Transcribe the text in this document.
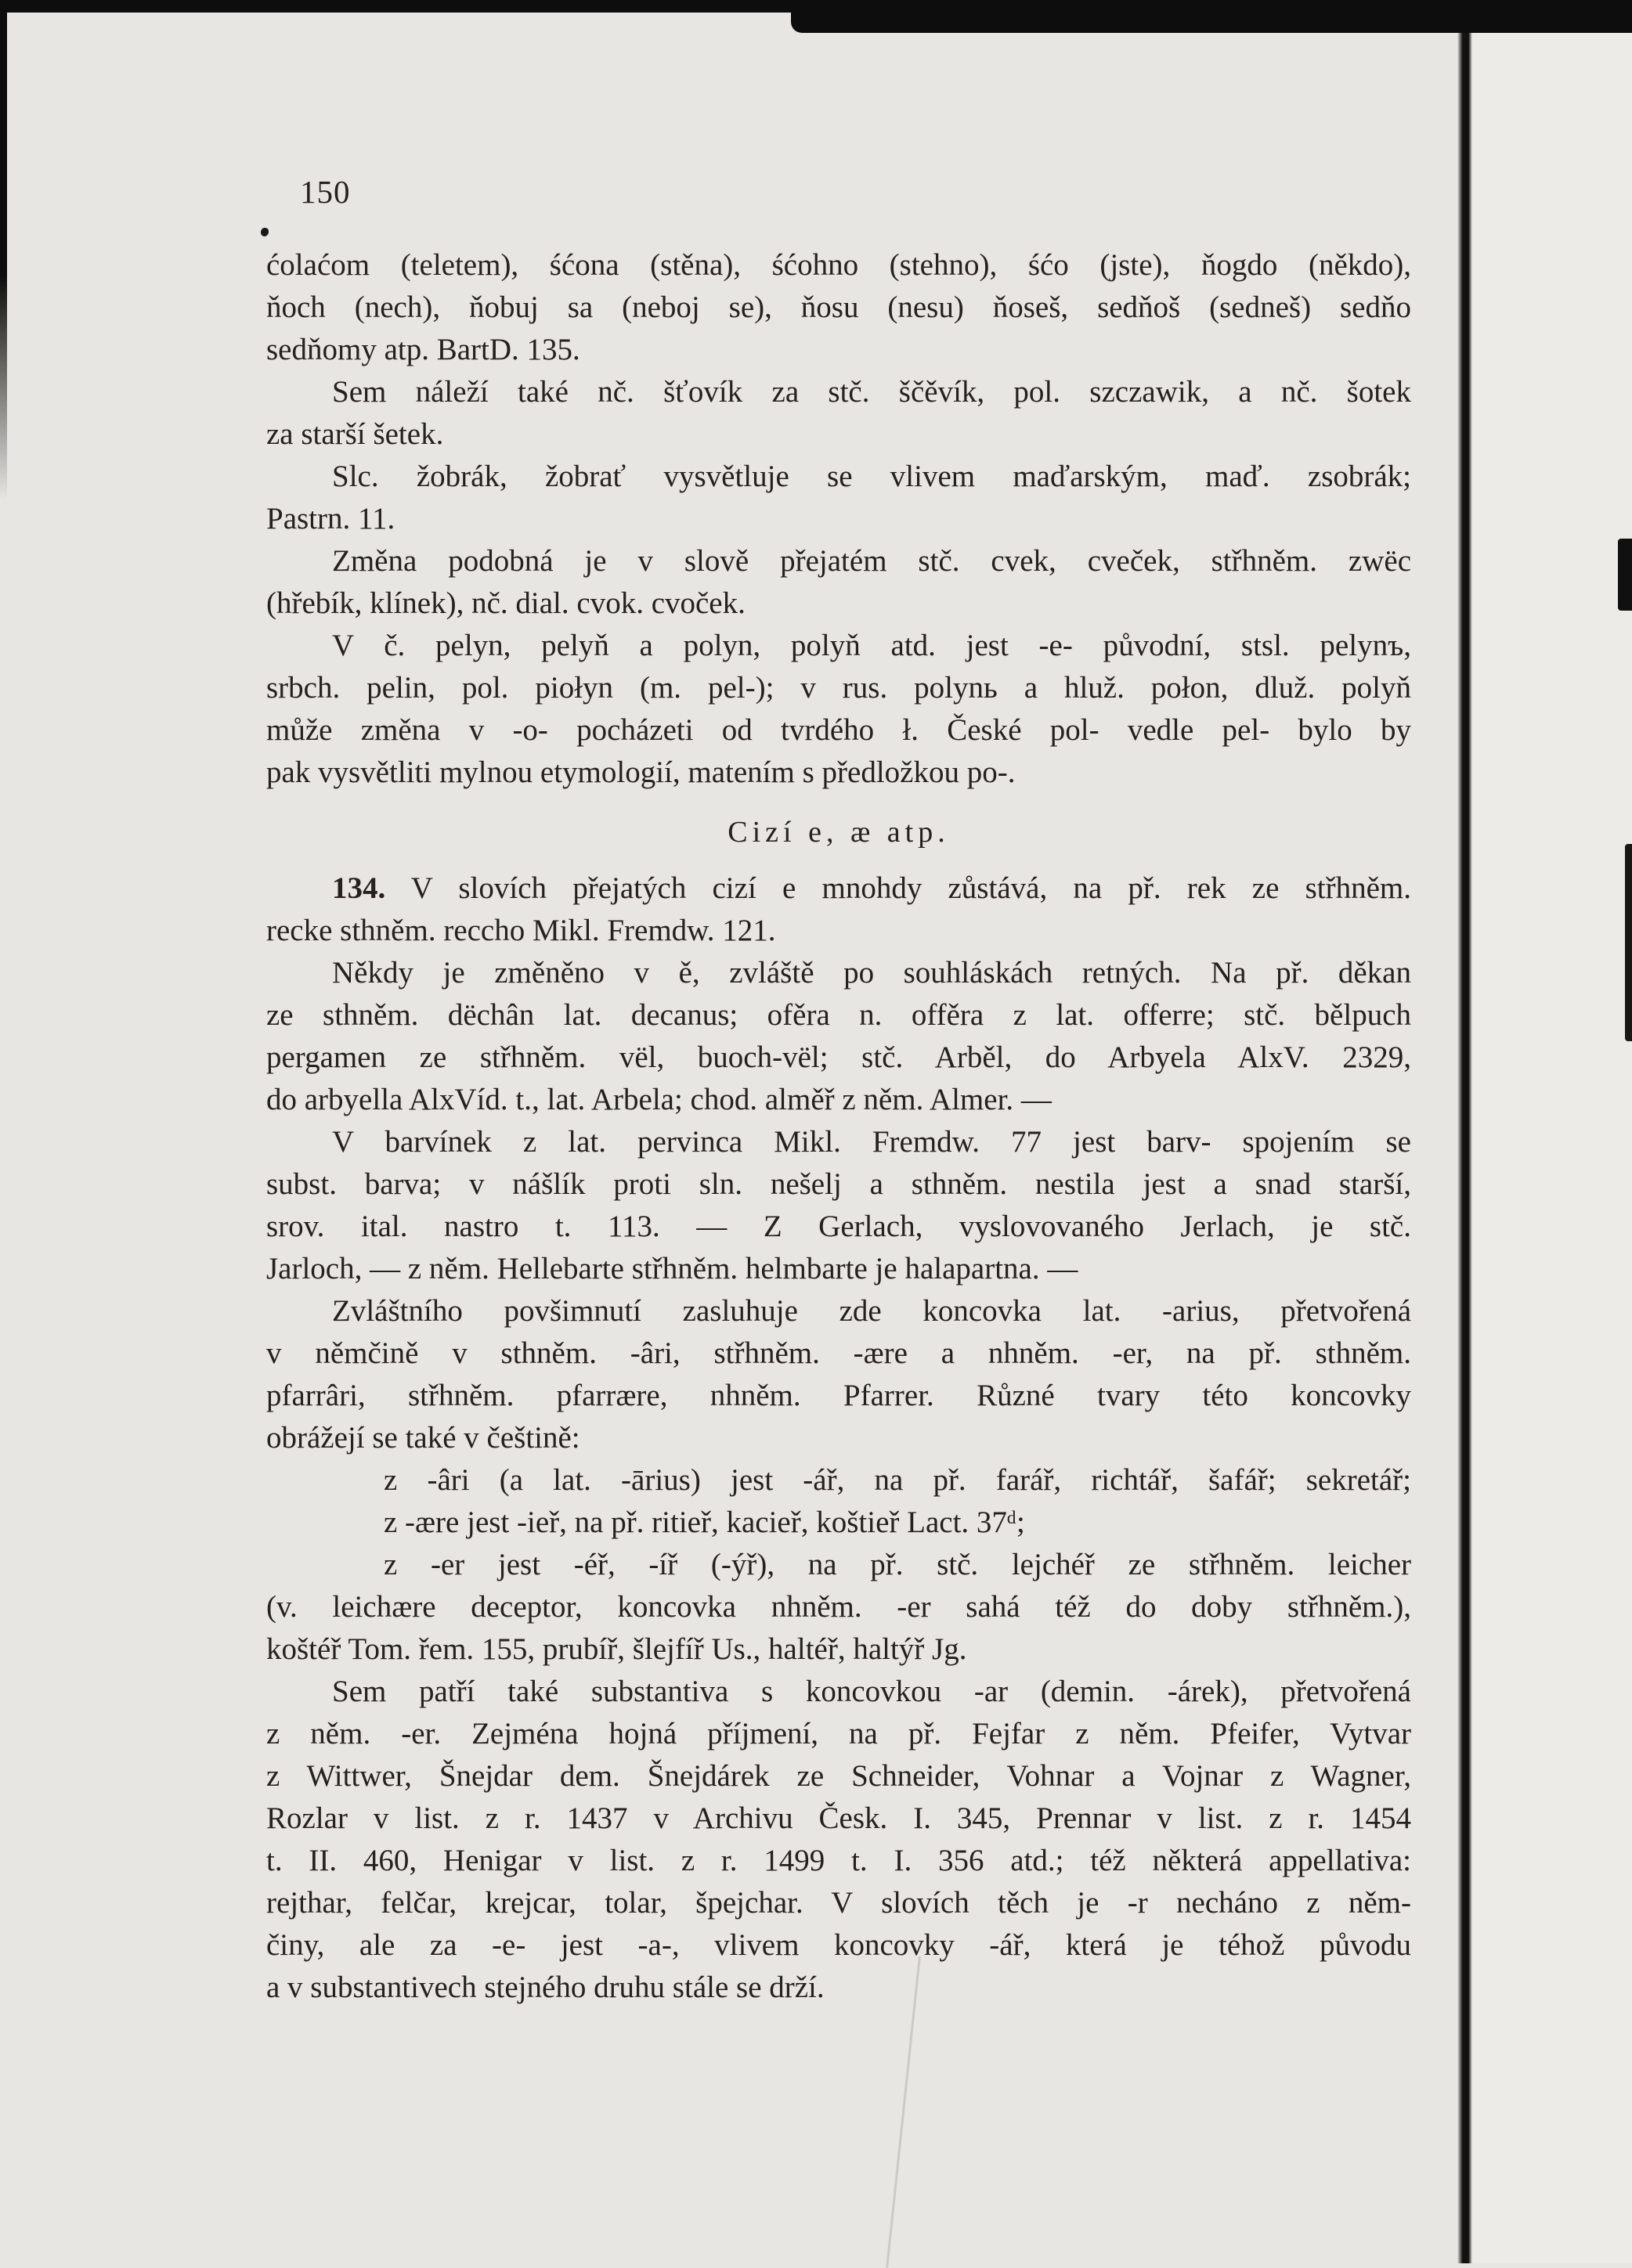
150
ćolaćom (teletem), śćona (stěna), śćohno (stehno), śćo (jste), ňogdo (někdo),
ňoch (nech), ňobuj sa (neboj se), ňosu (nesu) ňoseš, sedňoš (sedneš) sedňo
sedňomy atp. BartD. 135.
Sem náleží také nč. šťovík za stč. ščěvík, pol. szczawik, a nč. šotek
za starší šetek.
Slc. žobrák, žobrať vysvětluje se vlivem maďarským, maď. zsobrák;
Pastrn. 11.
Změna podobná je v slově přejatém stč. cvek, cveček, střhněm. zwëc
(hřebík, klínek), nč. dial. cvok. cvoček.
V č. pelyn, pelyň a polyn, polyň atd. jest -e- původní, stsl. pelynъ,
srbch. pelin, pol. piołyn (m. pel-); v rus. polynь a hluž. połon, dluž. polyň
může změna v -o- pocházeti od tvrdého ł. České pol- vedle pel- bylo by
pak vysvětliti mylnou etymologií, matením s předložkou po-.
Cizí e, æ atp.
134. V slovích přejatých cizí e mnohdy zůstává, na př. rek ze střhněm.
recke sthněm. reccho Mikl. Fremdw. 121.
Někdy je změněno v ě, zvláště po souhláskách retných. Na př. děkan
ze sthněm. dëchân lat. decanus; ofěra n. offěra z lat. offerre; stč. bělpuch
pergamen ze střhněm. vël, buoch-vël; stč. Arběl, do Arbyela AlxV. 2329,
do arbyella AlxVíd. t., lat. Arbela; chod. alměř z něm. Almer. —
V barvínek z lat. pervinca Mikl. Fremdw. 77 jest barv- spojením se
subst. barva; v nášlík proti sln. nešelj a sthněm. nestila jest a snad starší,
srov. ital. nastro t. 113. — Z Gerlach, vyslovovaného Jerlach, je stč.
Jarloch, — z něm. Hellebarte střhněm. helmbarte je halapartna. —
Zvláštního povšimnutí zasluhuje zde koncovka lat. -arius, přetvořená
v němčině v sthněm. -âri, střhněm. -ære a nhněm. -er, na př. sthněm.
pfarrâri, střhněm. pfarrære, nhněm. Pfarrer. Různé tvary této koncovky
obrážejí se také v češtině:
z -âri (a lat. -ārius) jest -ář, na př. farář, richtář, šafář; sekretář;
z -ære jest -ieř, na př. ritieř, kacieř, koštieř Lact. 37ᵈ;
z -er jest -éř, -íř (-ýř), na př. stč. lejchéř ze střhněm. leicher
(v. leichære deceptor, koncovka nhněm. -er sahá též do doby střhněm.),
koštéř Tom. řem. 155, prubíř, šlejfíř Us., haltéř, haltýř Jg.
Sem patří také substantiva s koncovkou -ar (demin. -árek), přetvořená
z něm. -er. Zejména hojná příjmení, na př. Fejfar z něm. Pfeifer, Vytvar
z Wittwer, Šnejdar dem. Šnejdárek ze Schneider, Vohnar a Vojnar z Wagner,
Rozlar v list. z r. 1437 v Archivu Česk. I. 345, Prennar v list. z r. 1454
t. II. 460, Henigar v list. z r. 1499 t. I. 356 atd.; též některá appellativa:
rejthar, felčar, krejcar, tolar, špejchar. V slovích těch je -r necháno z něm-
činy, ale za -e- jest -a-, vlivem koncovky -ář, která je téhož původu
a v substantivech stejného druhu stále se drží.
